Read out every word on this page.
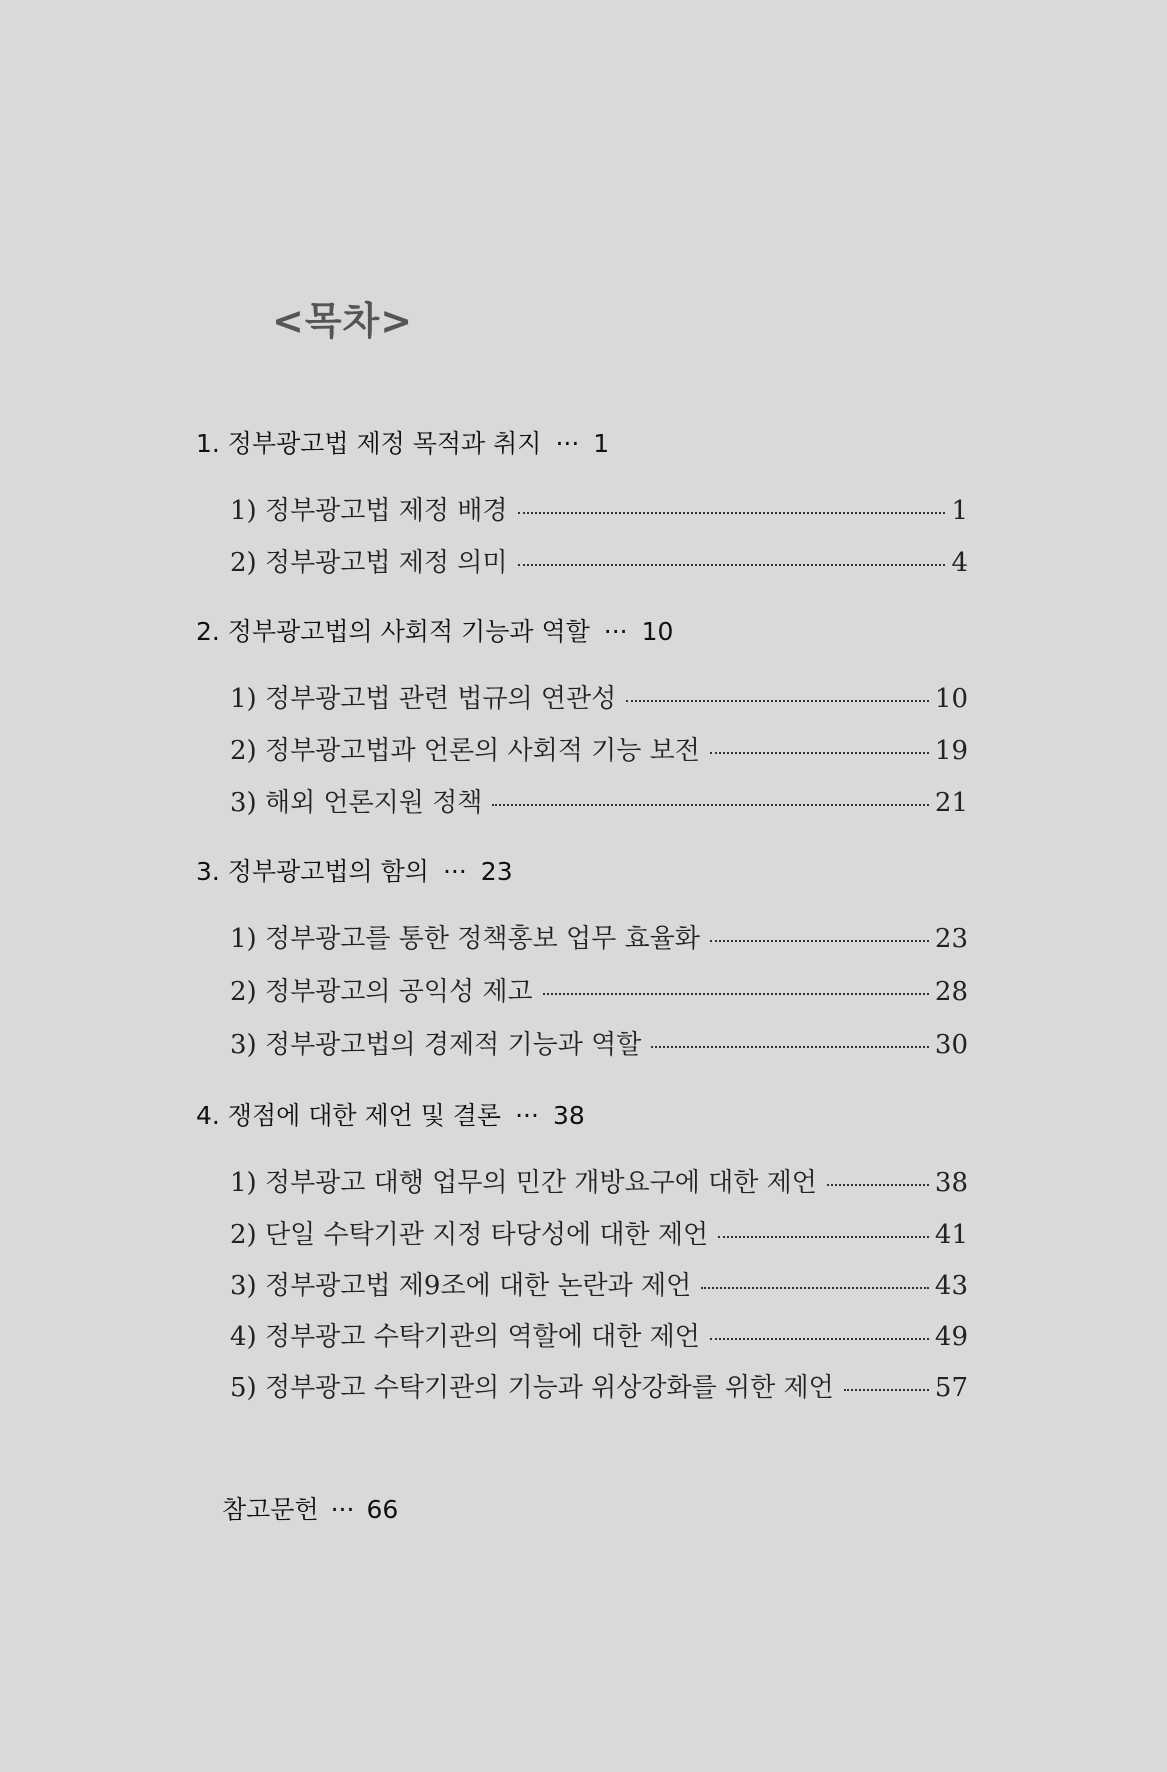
<목차>
1. 정부광고법 제정 목적과 취지 ··· 1
1) 정부광고법 제정 배경	1
2) 정부광고법 제정 의미	4
2. 정부광고법의 사회적 기능과 역할 ··· 10
1) 정부광고법 관련 법규의 연관성	10
2) 정부광고법과 언론의 사회적 기능 보전	19
3) 해외 언론지원 정책	21
3. 정부광고법의 함의 ··· 23
1) 정부광고를 통한 정책홍보 업무 효율화	23
2) 정부광고의 공익성 제고	28
3) 정부광고법의 경제적 기능과 역할	30
4. 쟁점에 대한 제언 및 결론 ··· 38
1) 정부광고 대행 업무의 민간 개방요구에 대한 제언	38
2) 단일 수탁기관 지정 타당성에 대한 제언	41
3) 정부광고법 제9조에 대한 논란과 제언	43
4) 정부광고 수탁기관의 역할에 대한 제언	49
5) 정부광고 수탁기관의 기능과 위상강화를 위한 제언	57
참고문헌 ··· 66
